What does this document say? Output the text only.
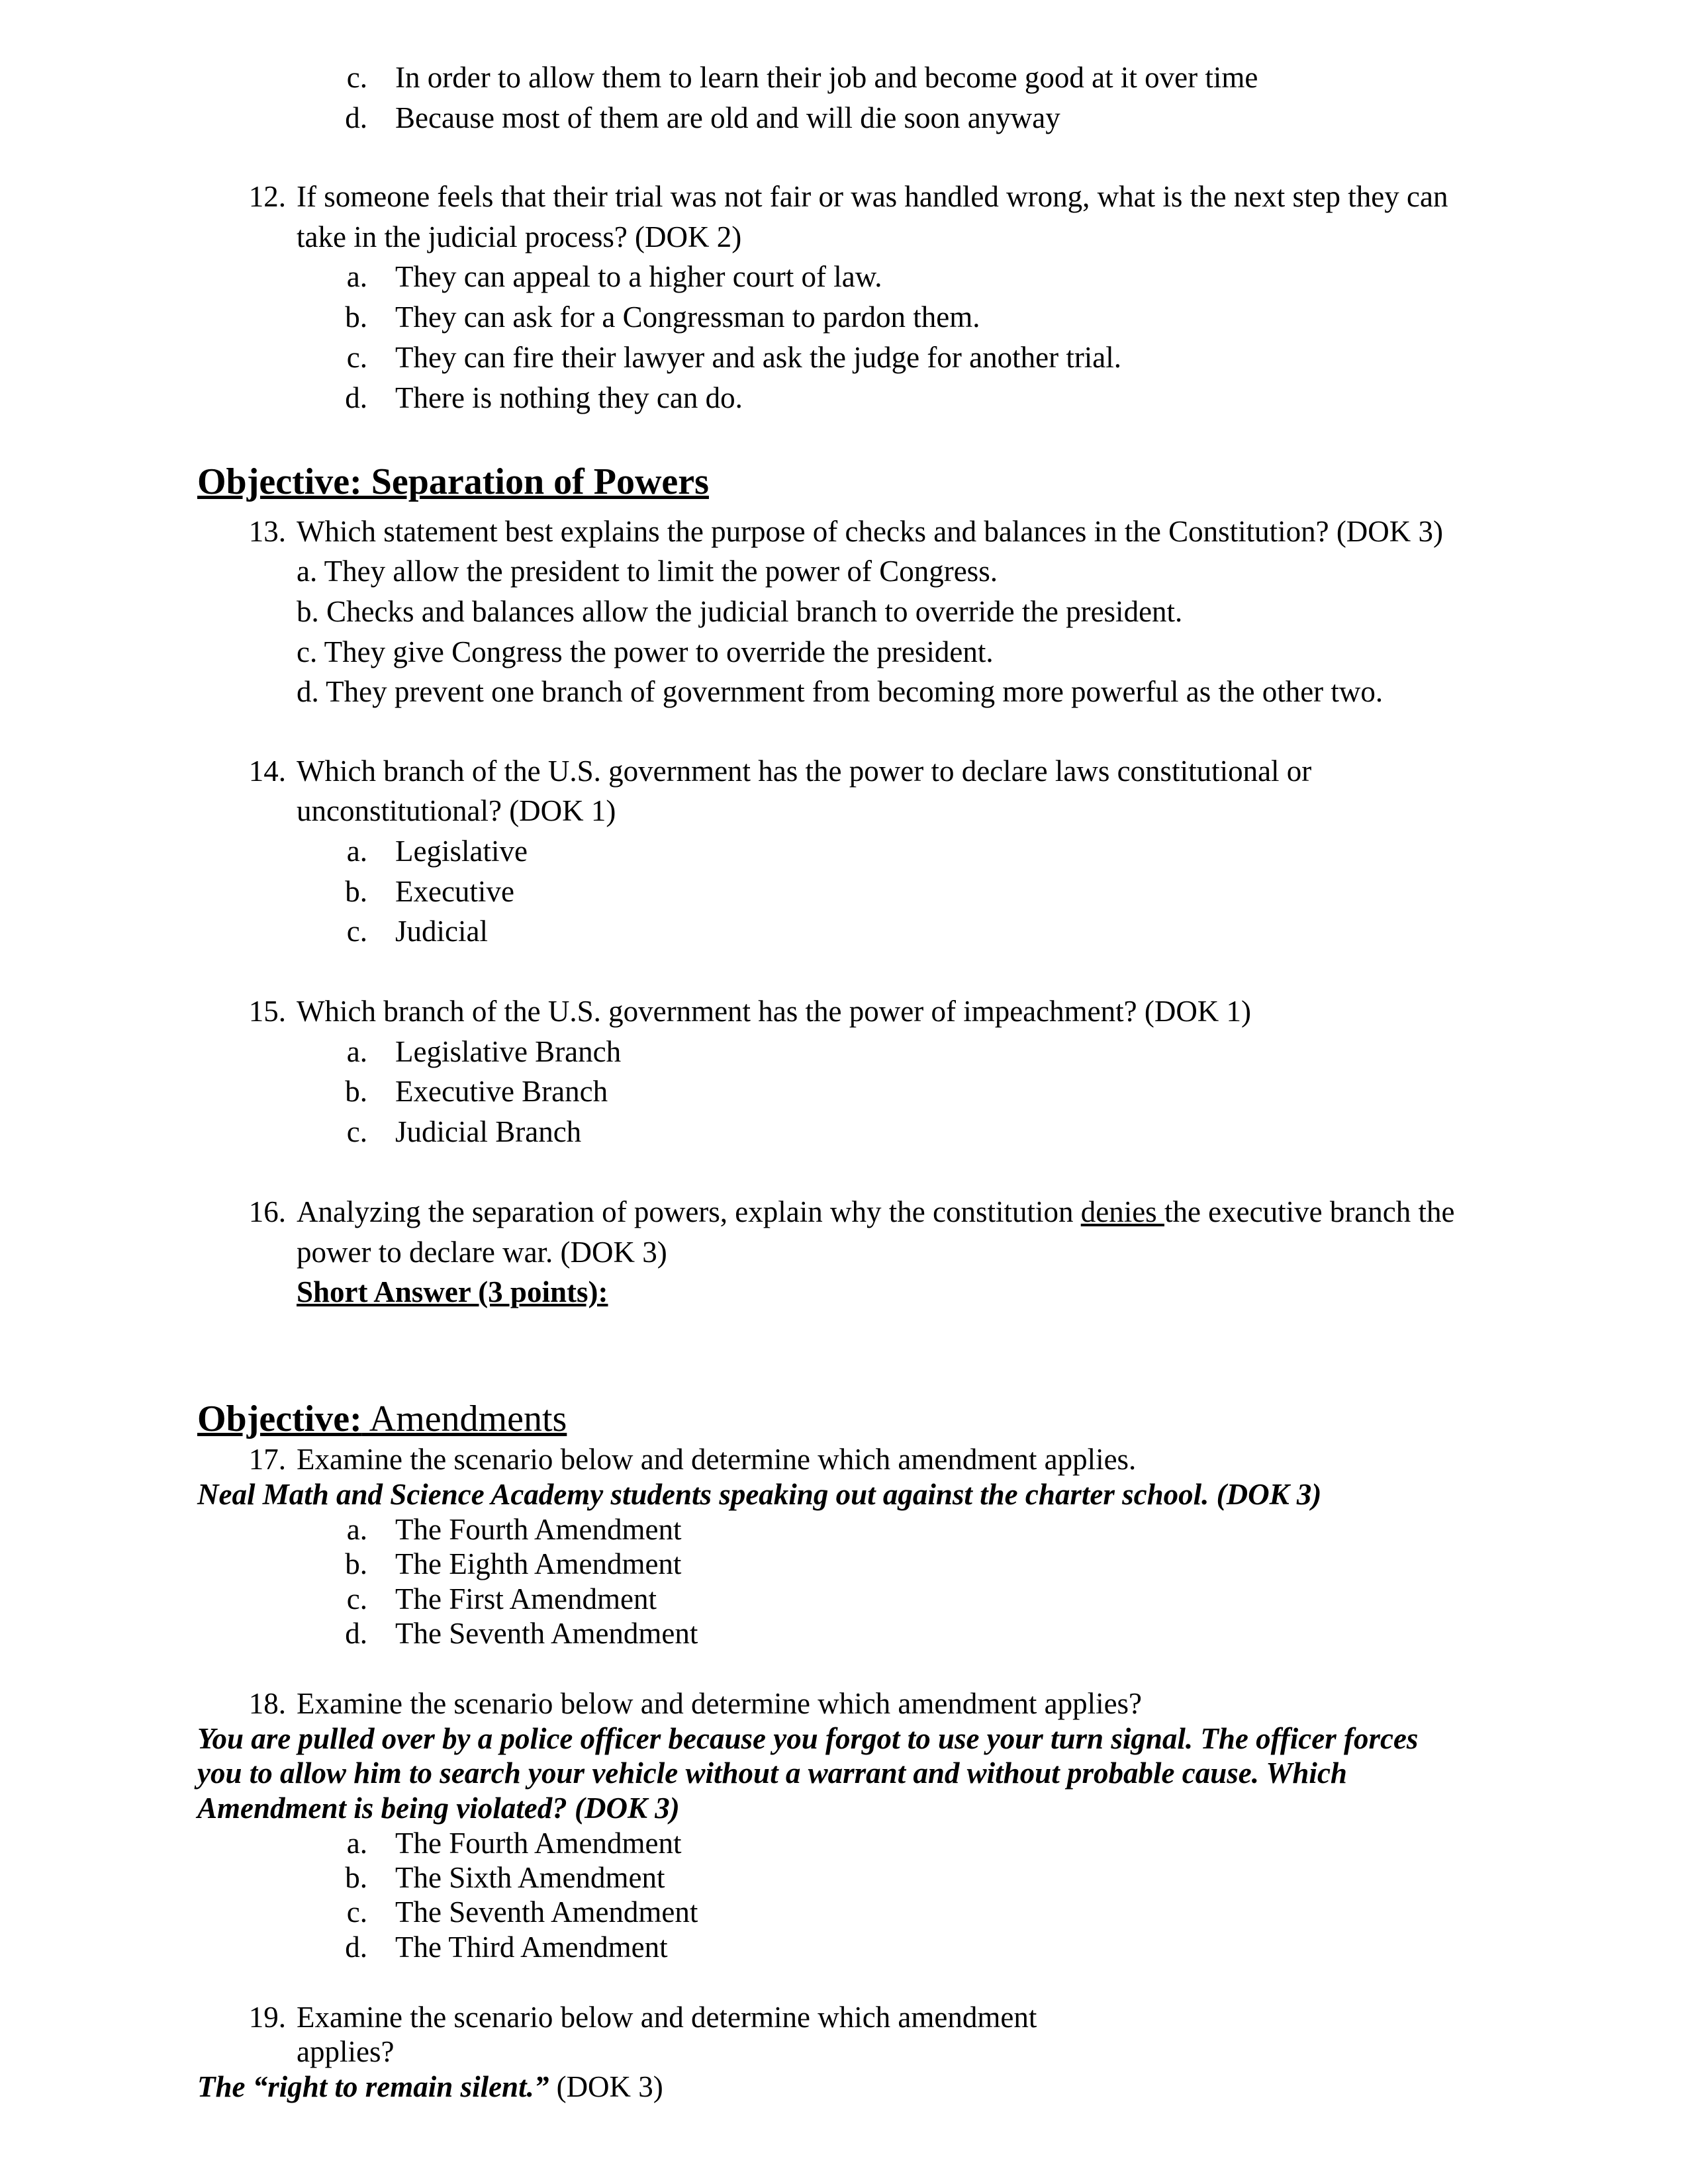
c. In order to allow them to learn their job and become good at it over time
d. Because most of them are old and will die soon anyway
12. If someone feels that their trial was not fair or was handled wrong, what is the next step they can
take in the judicial process? (DOK 2)
a. They can appeal to a higher court of law.
b. They can ask for a Congressman to pardon them.
c. They can fire their lawyer and ask the judge for another trial.
d. There is nothing they can do.
Objective: Separation of Powers
13. Which statement best explains the purpose of checks and balances in the Constitution? (DOK 3)
a. They allow the president to limit the power of Congress.
b. Checks and balances allow the judicial branch to override the president.
c. They give Congress the power to override the president.
d. They prevent one branch of government from becoming more powerful as the other two.
14. Which branch of the U.S. government has the power to declare laws constitutional or
unconstitutional? (DOK 1)
a. Legislative
b. Executive
c. Judicial
15. Which branch of the U.S. government has the power of impeachment? (DOK 1)
a. Legislative Branch
b. Executive Branch
c. Judicial Branch
16. Analyzing the separation of powers, explain why the constitution denies the executive branch the
power to declare war. (DOK 3)
Short Answer (3 points):
Objective: Amendments
17. Examine the scenario below and determine which amendment applies.
Neal Math and Science Academy students speaking out against the charter school. (DOK 3)
a. The Fourth Amendment
b. The Eighth Amendment
c. The First Amendment
d. The Seventh Amendment
18. Examine the scenario below and determine which amendment applies?
You are pulled over by a police officer because you forgot to use your turn signal. The officer forces
you to allow him to search your vehicle without a warrant and without probable cause. Which
Amendment is being violated? (DOK 3)
a. The Fourth Amendment
b. The Sixth Amendment
c. The Seventh Amendment
d. The Third Amendment
19. Examine the scenario below and determine which amendment
applies?
The “right to remain silent.” (DOK 3)
